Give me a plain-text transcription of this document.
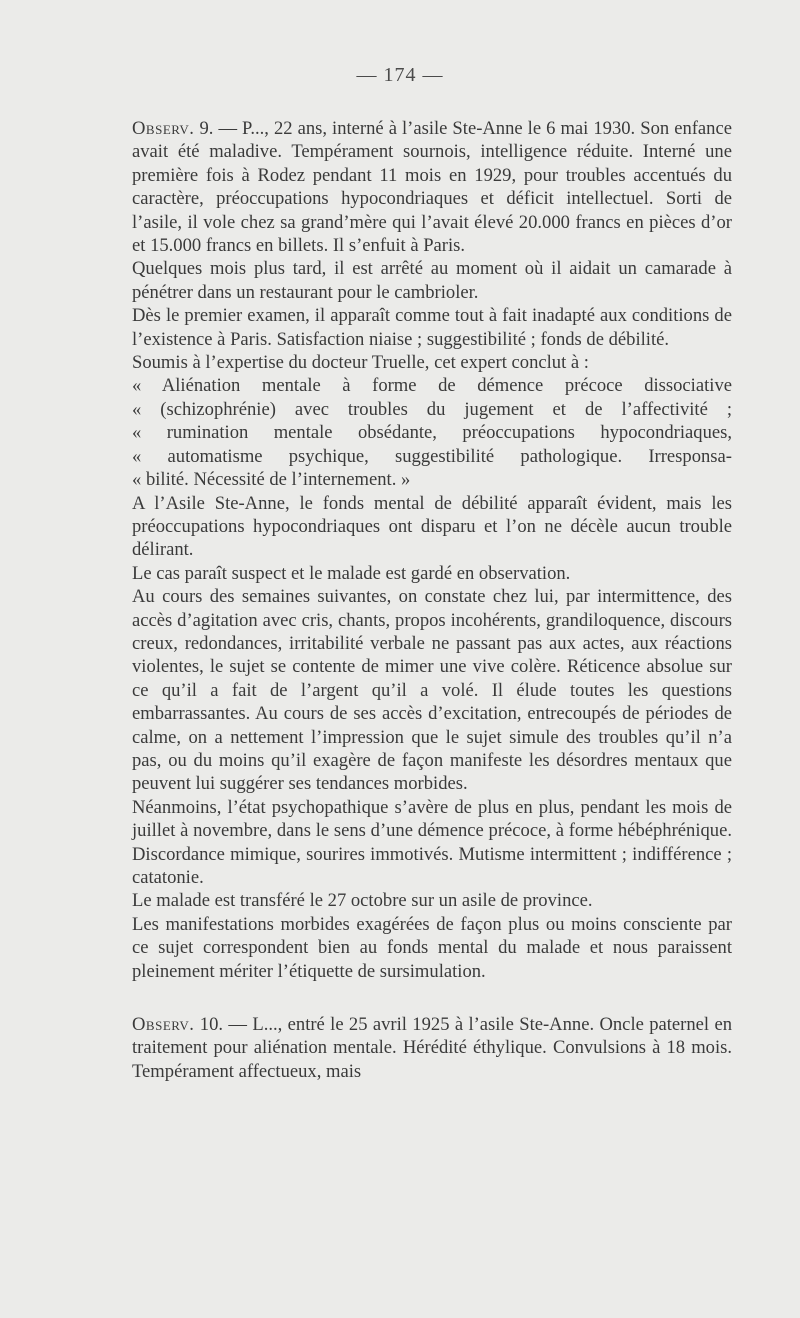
— 174 —

Observ. 9. — P..., 22 ans, interné à l’asile Ste-Anne le 6 mai 1930. Son enfance avait été maladive. Tempérament sournois, intelligence réduite. Interné une première fois à Rodez pendant 11 mois en 1929, pour troubles accentués du caractère, préoccupations hypocondriaques et déficit intellectuel. Sorti de l’asile, il vole chez sa grand’mère qui l’avait élevé 20.000 francs en pièces d’or et 15.000 francs en billets. Il s’enfuit à Paris.

Quelques mois plus tard, il est arrêté au moment où il aidait un camarade à pénétrer dans un restaurant pour le cambrioler.

Dès le premier examen, il apparaît comme tout à fait inadapté aux conditions de l’existence à Paris. Satisfaction niaise ; suggestibilité ; fonds de débilité.

Soumis à l’expertise du docteur Truelle, cet expert conclut à :

« Aliénation mentale à forme de démence précoce dissociative
« (schizophrénie) avec troubles du jugement et de l’affectivité ;
« rumination mentale obsédante, préoccupations hypocondriaques,
« automatisme psychique, suggestibilité pathologique. Irresponsa-
« bilité. Nécessité de l’internement. »

A l’Asile Ste-Anne, le fonds mental de débilité apparaît évident, mais les préoccupations hypocondriaques ont disparu et l’on ne décèle aucun trouble délirant.

Le cas paraît suspect et le malade est gardé en observation.

Au cours des semaines suivantes, on constate chez lui, par intermittence, des accès d’agitation avec cris, chants, propos incohérents, grandiloquence, discours creux, redondances, irritabilité verbale ne passant pas aux actes, aux réactions violentes, le sujet se contente de mimer une vive colère. Réticence absolue sur ce qu’il a fait de l’argent qu’il a volé. Il élude toutes les questions embarrassantes. Au cours de ses accès d’excitation, entrecoupés de périodes de calme, on a nettement l’impression que le sujet simule des troubles qu’il n’a pas, ou du moins qu’il exagère de façon manifeste les désordres mentaux que peuvent lui suggérer ses tendances morbides.

Néanmoins, l’état psychopathique s’avère de plus en plus, pendant les mois de juillet à novembre, dans le sens d’une démence précoce, à forme hébéphrénique. Discordance mimique, sourires immotivés. Mutisme intermittent ; indifférence ; catatonie.

Le malade est transféré le 27 octobre sur un asile de province.

Les manifestations morbides exagérées de façon plus ou moins consciente par ce sujet correspondent bien au fonds mental du malade et nous paraissent pleinement mériter l’étiquette de sursimulation.

Observ. 10. — L..., entré le 25 avril 1925 à l’asile Ste-Anne. Oncle paternel en traitement pour aliénation mentale. Hérédité éthylique. Convulsions à 18 mois. Tempérament affectueux, mais
